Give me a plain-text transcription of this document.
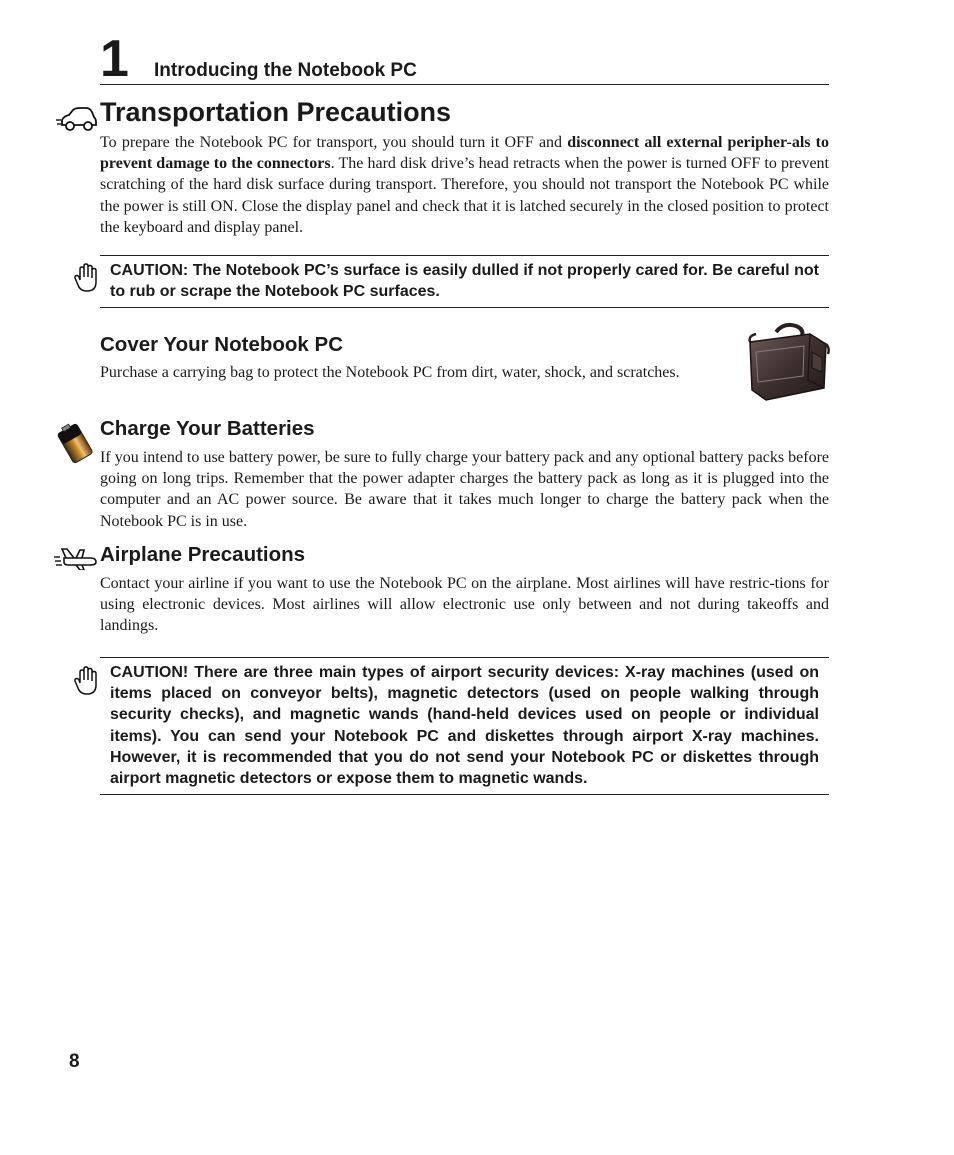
1 Introducing the Notebook PC
Transportation Precautions
To prepare the Notebook PC for transport, you should turn it OFF and disconnect all external peripher-als to prevent damage to the connectors. The hard disk drive’s head retracts when the power is turned OFF to prevent scratching of the hard disk surface during transport. Therefore, you should not transport the Notebook PC while the power is still ON. Close the display panel and check that it is latched securely in the closed position to protect the keyboard and display panel.
CAUTION: The Notebook PC’s surface is easily dulled if not properly cared for. Be careful not to rub or scrape the Notebook PC surfaces.
Cover Your Notebook PC
Purchase a carrying bag to protect the Notebook PC from dirt, water, shock, and scratches.
Charge Your Batteries
If you intend to use battery power, be sure to fully charge your battery pack and any optional battery packs before going on long trips. Remember that the power adapter charges the battery pack as long as it is plugged into the computer and an AC power source. Be aware that it takes much longer to charge the battery pack when the Notebook PC is in use.
Airplane Precautions
Contact your airline if you want to use the Notebook PC on the airplane. Most airlines will have restric-tions for using electronic devices. Most airlines will allow electronic use only between and not during takeoffs and landings.
CAUTION! There are three main types of airport security devices: X-ray machines (used on items placed on conveyor belts), magnetic detectors (used on people walking through security checks), and magnetic wands (hand-held devices used on people or individual items). You can send your Notebook PC and diskettes through airport X-ray machines. However, it is recommended that you do not send your Notebook PC or diskettes through airport magnetic detectors or expose them to magnetic wands.
8
